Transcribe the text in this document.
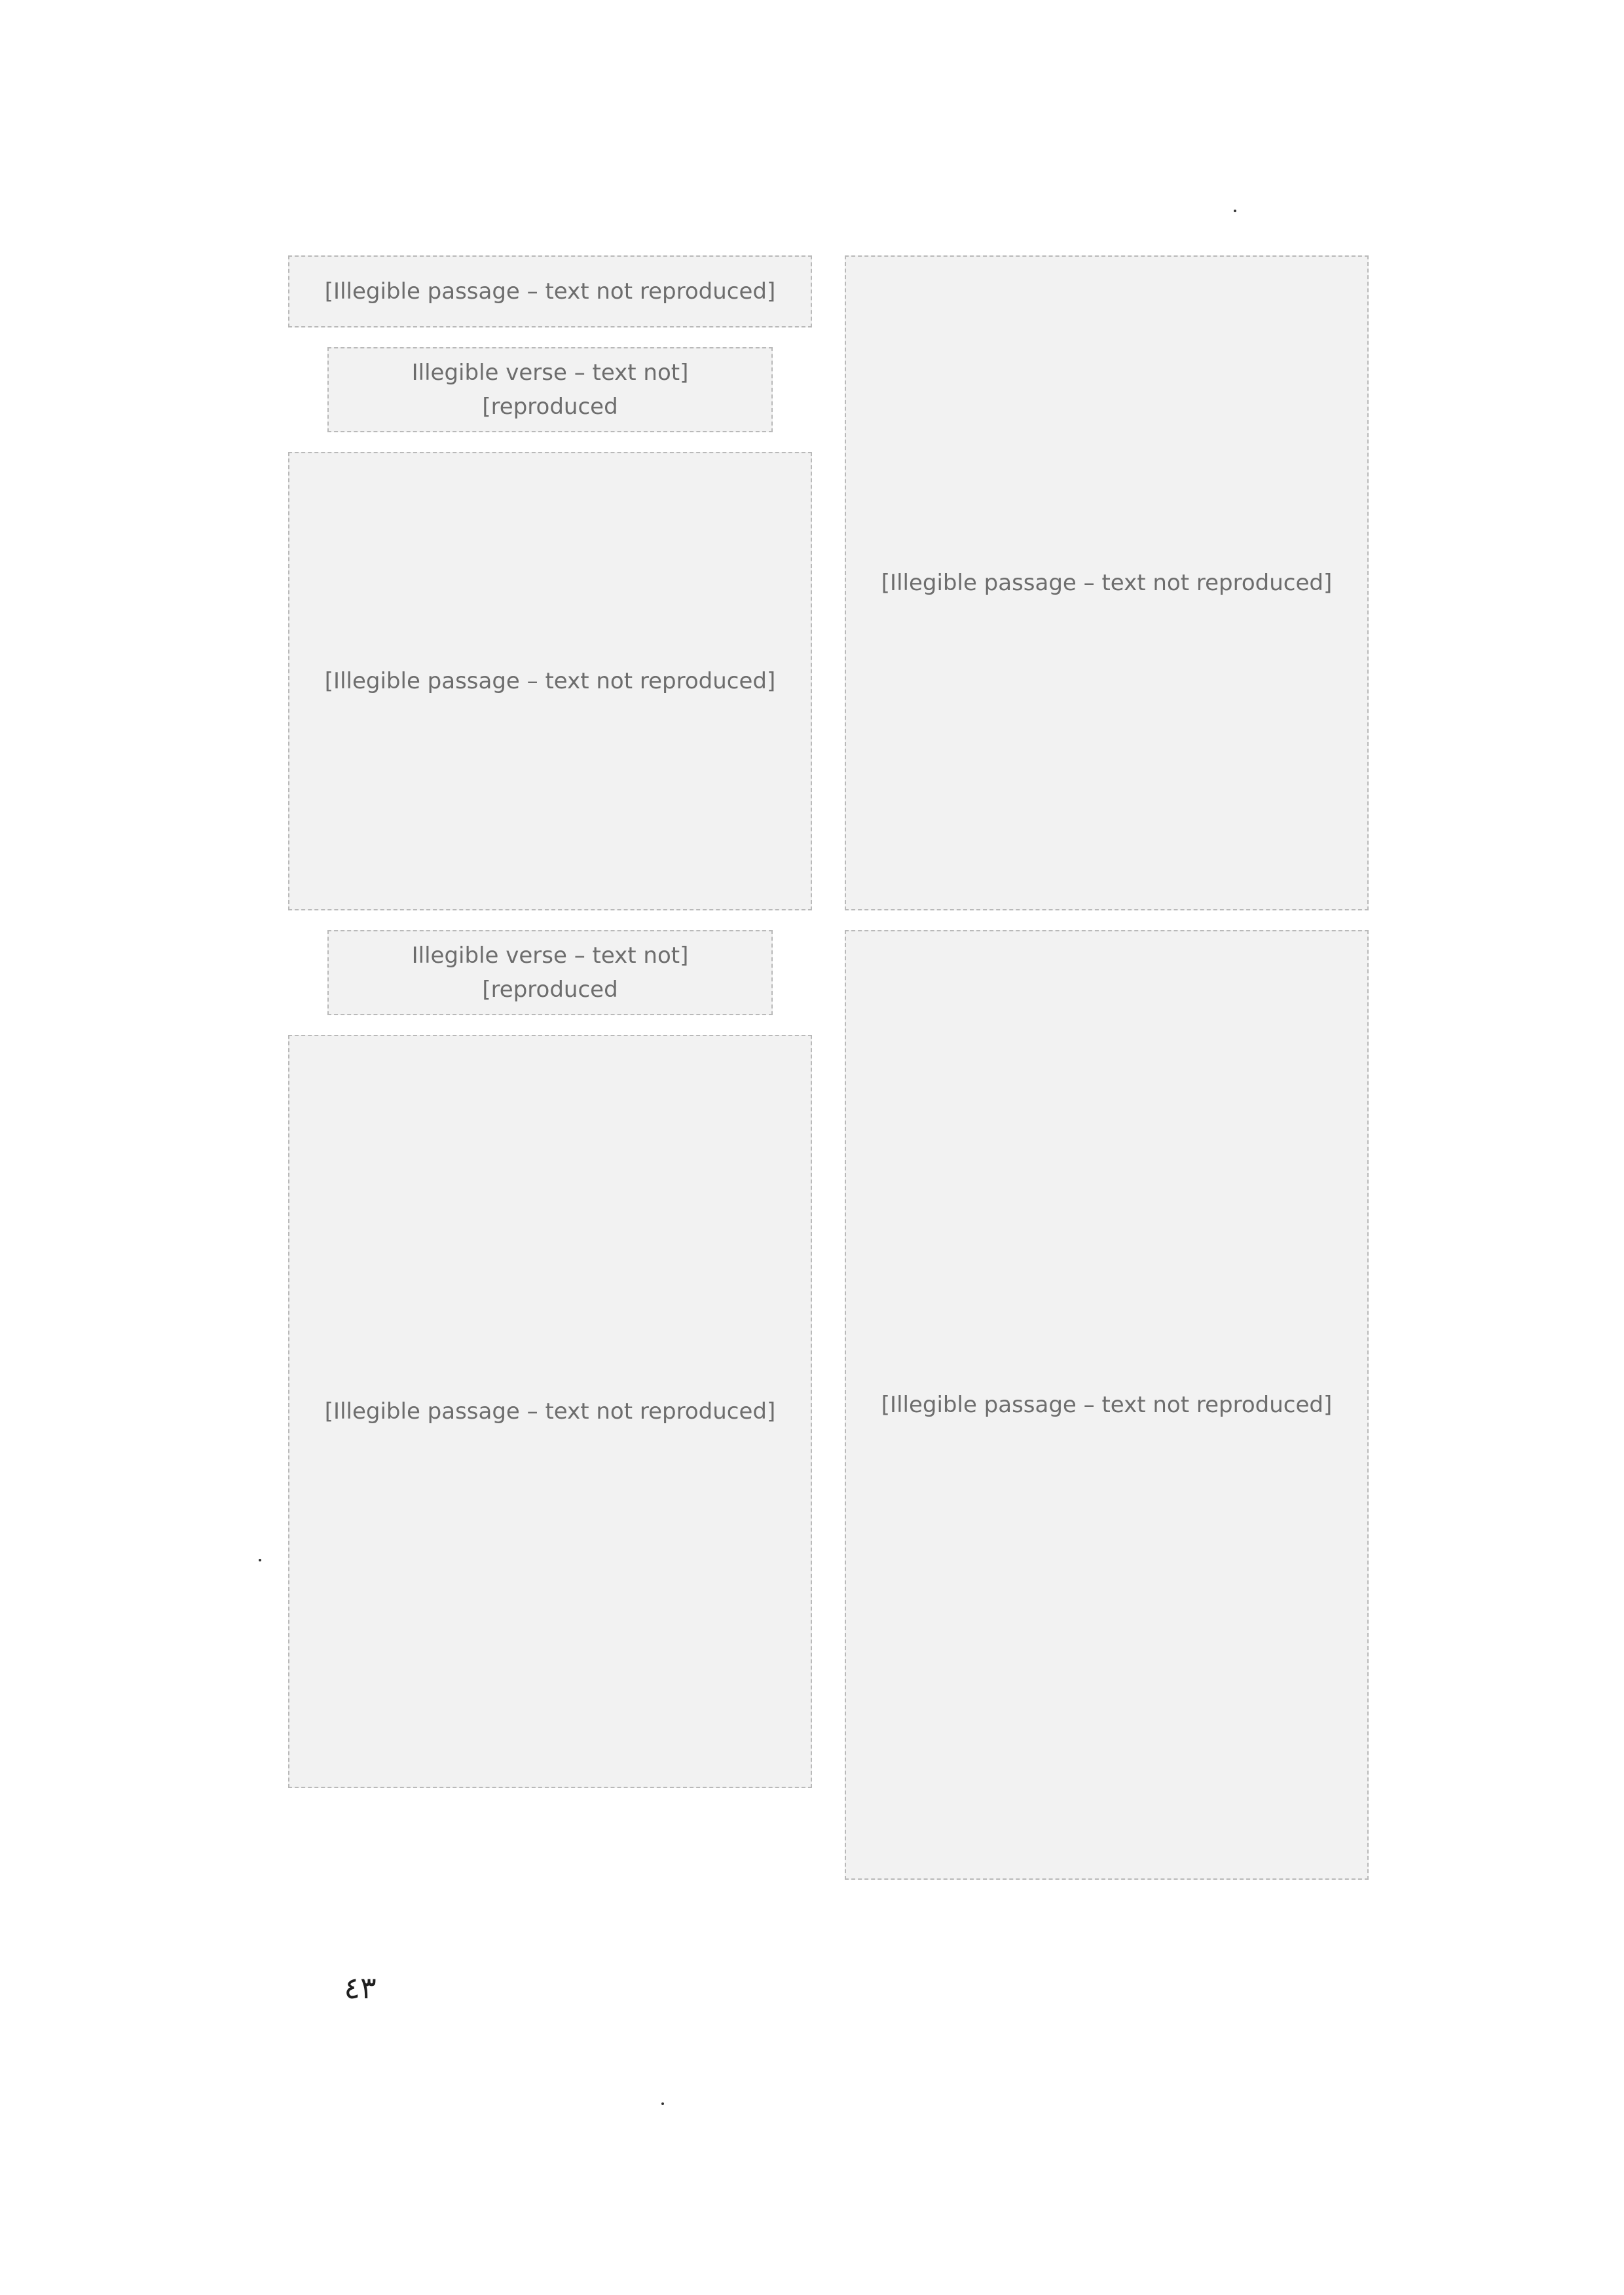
[Illegible passage – text not reproduced]
[Illegible passage – text not reproduced]
[Illegible passage – text not reproduced]
[Illegible verse – text not reproduced]
[Illegible passage – text not reproduced]
[Illegible verse – text not reproduced]
[Illegible passage – text not reproduced]
٤٣
